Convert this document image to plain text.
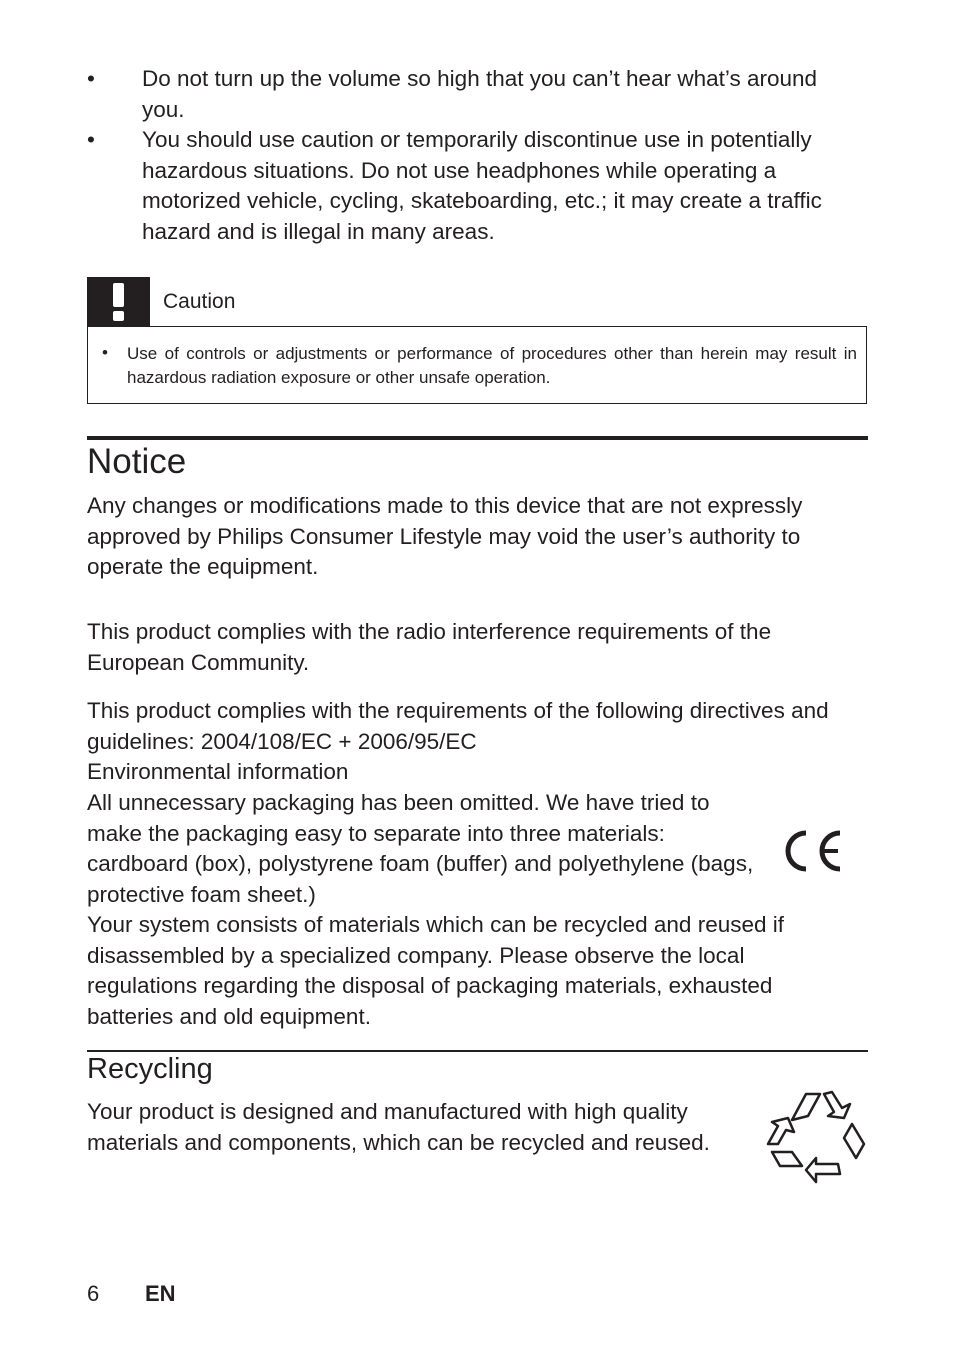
• Do not turn up the volume so high that you can’t hear what’s around you.
• You should use caution or temporarily discontinue use in potentially hazardous situations. Do not use headphones while operating a motorized vehicle, cycling, skateboarding, etc.; it may create a traffic hazard and is illegal in many areas.
Caution
• Use of controls or adjustments or performance of procedures other than herein may result in hazardous radiation exposure or other unsafe operation.
Notice

Any changes or modifications made to this device that are not expressly approved by Philips Consumer Lifestyle may void the user’s authority to operate the equipment.

This product complies with the radio interference requirements of the European Community.

This product complies with the requirements of the following directives and guidelines: 2004/108/EC + 2006/95/EC

Environmental information
All unnecessary packaging has been omitted. We have tried to make the packaging easy to separate into three materials: cardboard (box), polystyrene foam (buffer) and polyethylene (bags, protective foam sheet.)
Your system consists of materials which can be recycled and reused if disassembled by a specialized company. Please observe the local regulations regarding the disposal of packaging materials, exhausted batteries and old equipment.
Recycling

Your product is designed and manufactured with high quality materials and components, which can be recycled and reused.

6 EN
